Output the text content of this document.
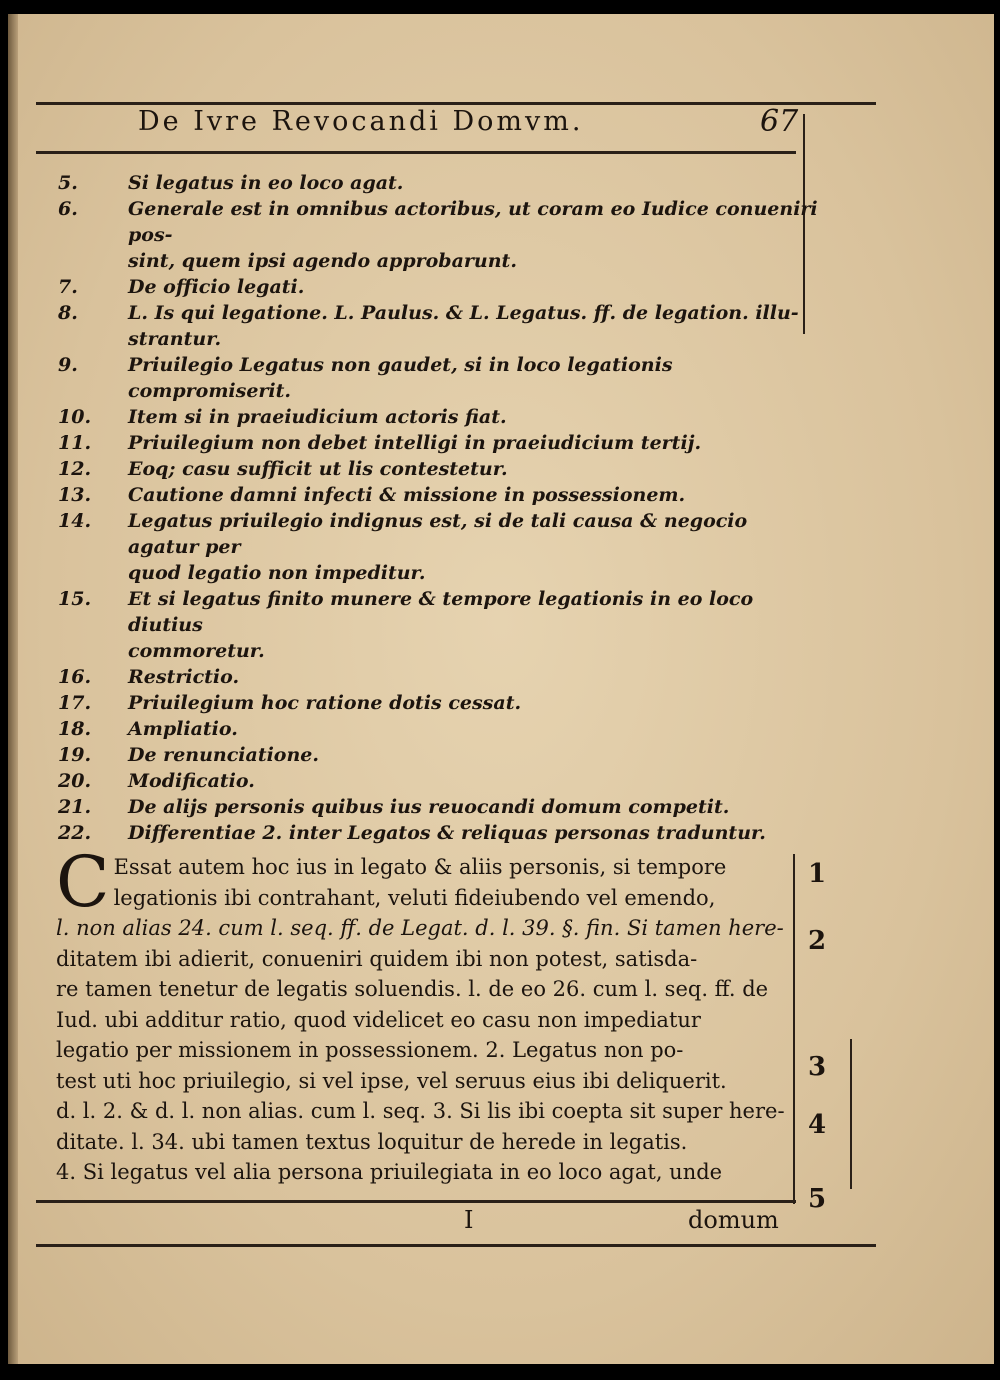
De Ivre Revocandi Domvm.	67
5.	Si legatus in eo loco agat.
6.	Generale est in omnibus actoribus, ut coram eo Iudice conueniri pos-
sint, quem ipsi agendo approbarunt.
7.	De officio legati.
8.	L. Is qui legatione. L. Paulus. & L. Legatus. ff. de legation. illu-
strantur.
9.	Priuilegio Legatus non gaudet, si in loco legationis compromiserit.
10.	Item si in praeiudicium actoris fiat.
11.	Priuilegium non debet intelligi in praeiudicium tertij.
12.	Eoq; casu sufficit ut lis contestetur.
13.	Cautione damni infecti & missione in possessionem.
14.	Legatus priuilegio indignus est, si de tali causa & negocio agatur per
quod legatio non impeditur.
15.	Et si legatus finito munere & tempore legationis in eo loco diutius
commoretur.
16.	Restrictio.
17.	Priuilegium hoc ratione dotis cessat.
18.	Ampliatio.
19.	De renunciatione.
20.	Modificatio.
21.	De alijs personis quibus ius reuocandi domum competit.
22.	Differentiae 2. inter Legatos & reliquas personas traduntur.
C Essat autem hoc ius in legato & aliis personis, si tempore
legationis ibi contrahant, veluti fideiubendo vel emendo,
l. non alias 24. cum l. seq. ff. de Legat. d. l. 39. §. fin. Si tamen here-
ditatem ibi adierit, conueniri quidem ibi non potest, satisda-
re tamen tenetur de legatis soluendis. l. de eo 26. cum l. seq. ff. de
Iud. ubi additur ratio, quod videlicet eo casu non impediatur
legatio per missionem in possessionem. 2. Legatus non po-
test uti hoc priuilegio, si vel ipse, vel seruus eius ibi deliquerit.
d. l. 2. & d. l. non alias. cum l. seq. 3. Si lis ibi coepta sit super here-
ditate. l. 34. ubi tamen textus loquitur de herede in legatis.
4. Si legatus vel alia persona priuilegiata in eo loco agat, unde
1
2
3
4
5
I	domum
